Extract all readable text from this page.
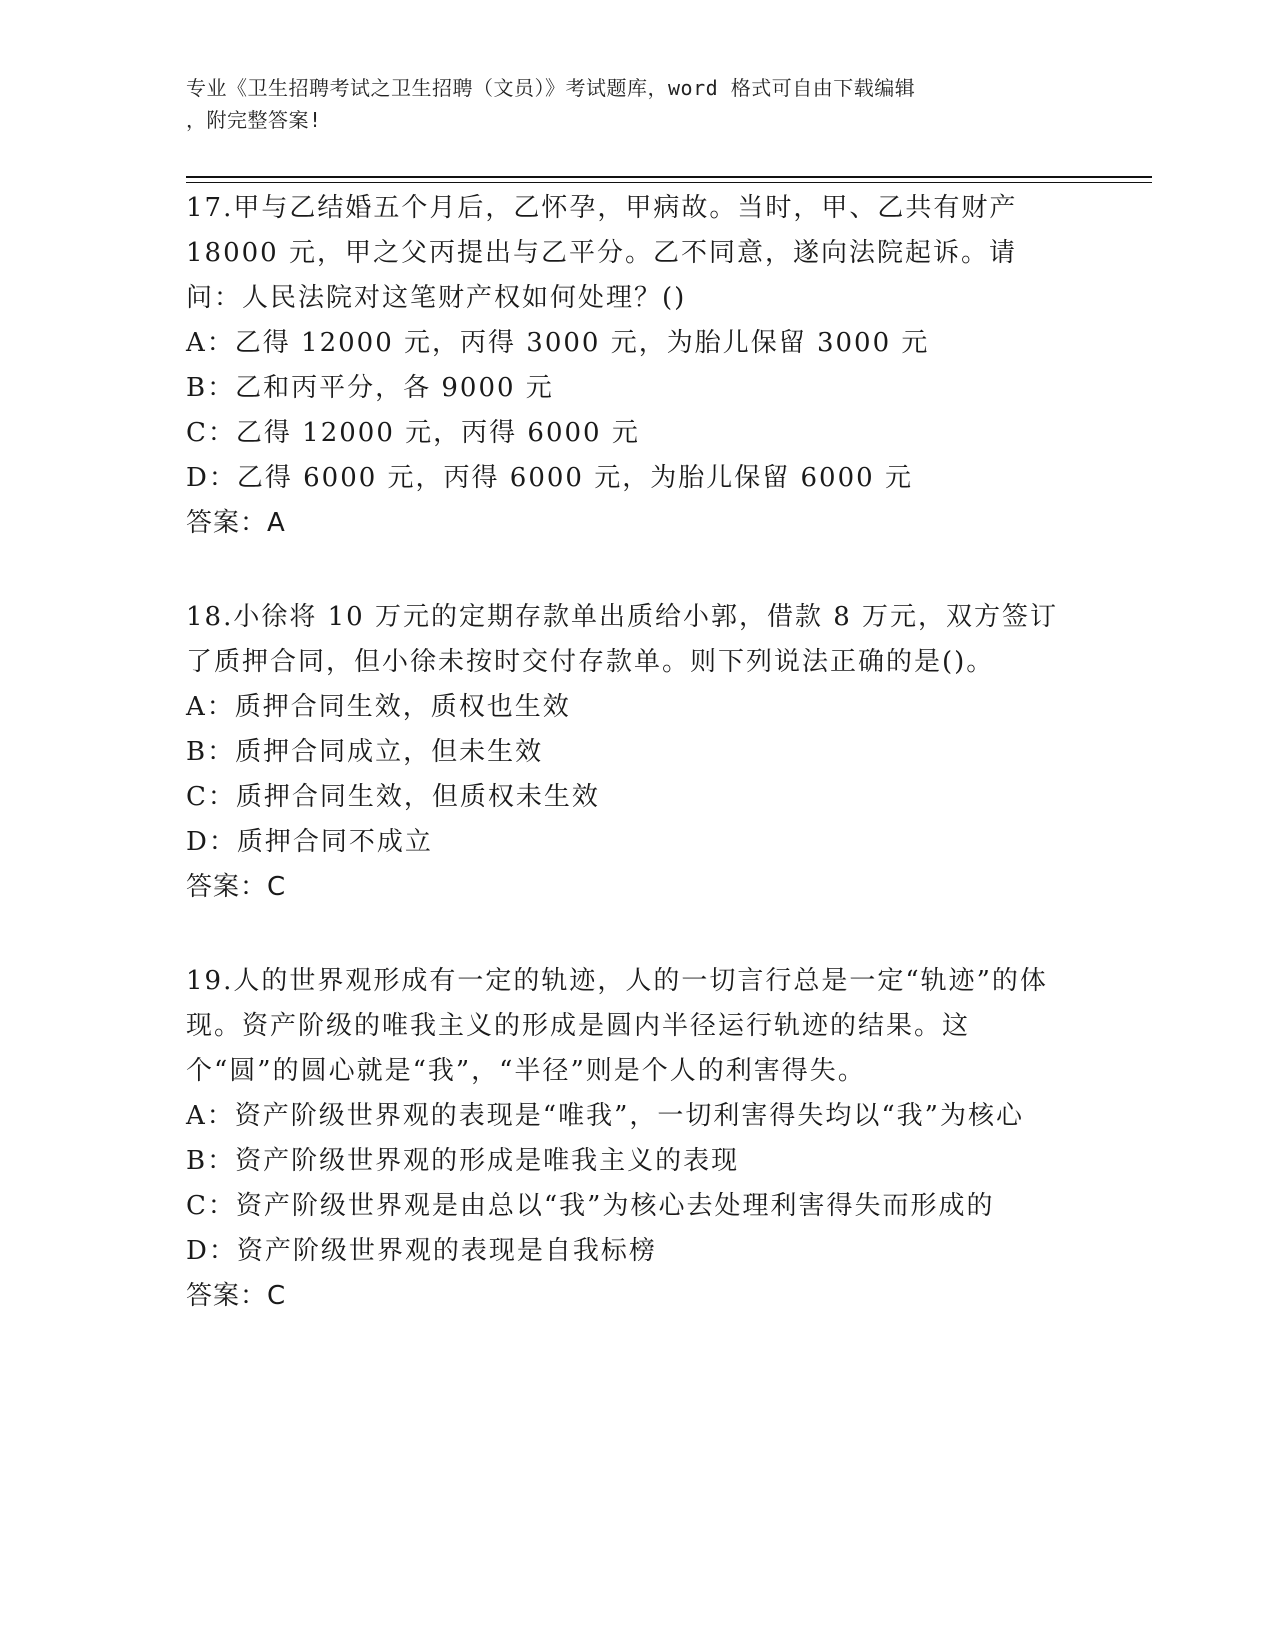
专业《卫生招聘考试之卫生招聘（文员）》考试题库，word 格式可自由下载编辑
，附完整答案!
17.甲与乙结婚五个月后，乙怀孕，甲病故。当时，甲、乙共有财产18000 元，甲之父丙提出与乙平分。乙不同意，遂向法院起诉。请问：人民法院对这笔财产权如何处理？()
A：乙得 12000 元，丙得 3000 元，为胎儿保留 3000 元
B：乙和丙平分，各 9000 元
C：乙得 12000 元，丙得 6000 元
D：乙得 6000 元，丙得 6000 元，为胎儿保留 6000 元
答案：A
18.小徐将 10 万元的定期存款单出质给小郭，借款 8 万元，双方签订了质押合同，但小徐未按时交付存款单。则下列说法正确的是()。
A：质押合同生效，质权也生效
B：质押合同成立，但未生效
C：质押合同生效，但质权未生效
D：质押合同不成立
答案：C
19.人的世界观形成有一定的轨迹，人的一切言行总是一定“轨迹”的体现。资产阶级的唯我主义的形成是圆内半径运行轨迹的结果。这个“圆”的圆心就是“我”，“半径”则是个人的利害得失。
A：资产阶级世界观的表现是“唯我”，一切利害得失均以“我”为核心
B：资产阶级世界观的形成是唯我主义的表现
C：资产阶级世界观是由总以“我”为核心去处理利害得失而形成的
D：资产阶级世界观的表现是自我标榜
答案：C
